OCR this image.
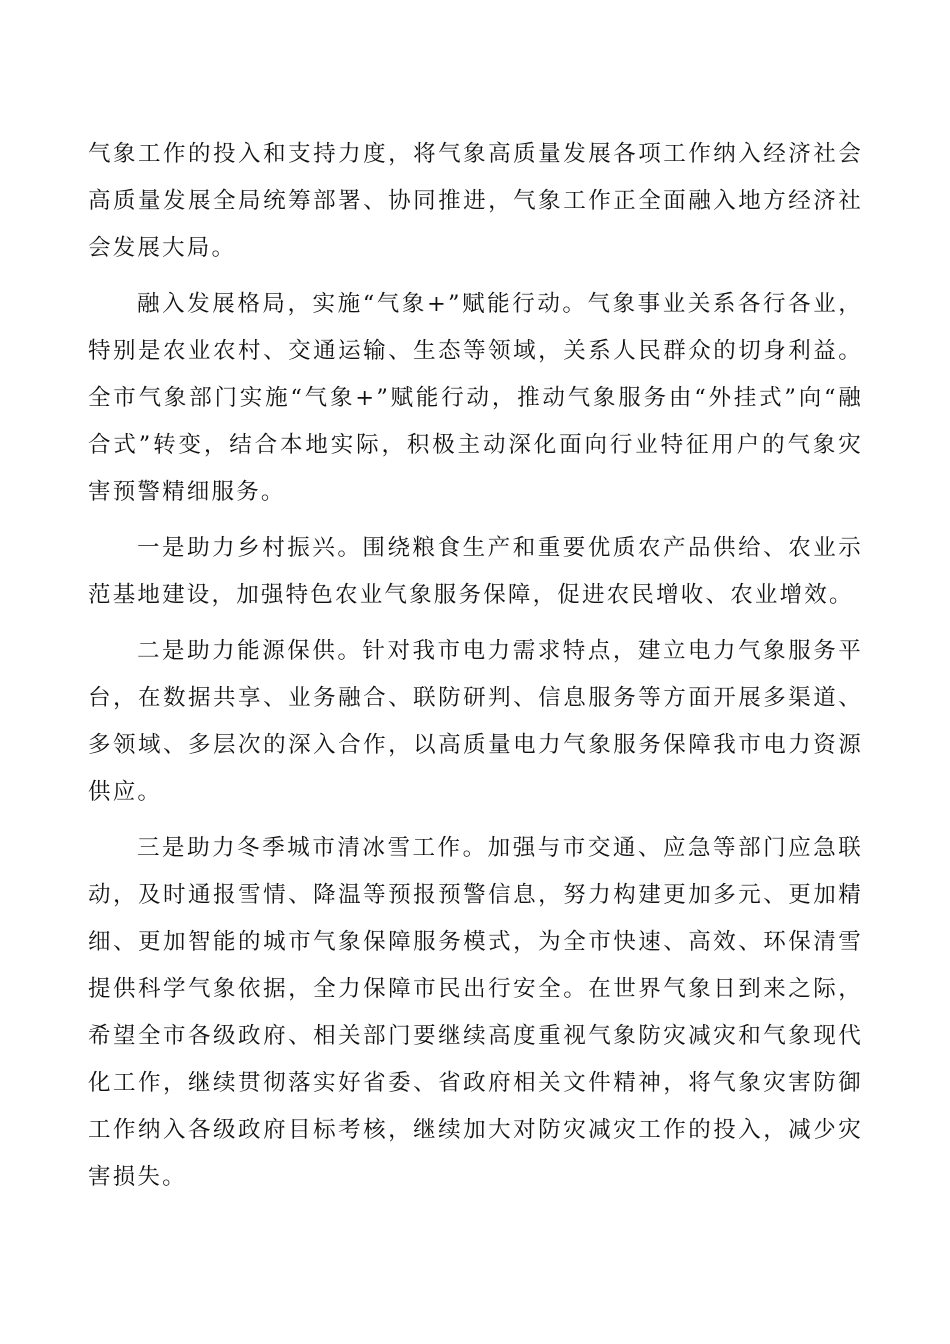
气象工作的投入和支持力度，将气象高质量发展各项工作纳入经济社会高质量发展全局统筹部署、协同推进，气象工作正全面融入地方经济社会发展大局。

融入发展格局，实施“气象+”赋能行动。气象事业关系各行各业，特别是农业农村、交通运输、生态等领域，关系人民群众的切身利益。全市气象部门实施“气象+”赋能行动，推动气象服务由“外挂式”向“融合式”转变，结合本地实际，积极主动深化面向行业特征用户的气象灾害预警精细服务。

一是助力乡村振兴。围绕粮食生产和重要优质农产品供给、农业示范基地建设，加强特色农业气象服务保障，促进农民增收、农业增效。

二是助力能源保供。针对我市电力需求特点，建立电力气象服务平台，在数据共享、业务融合、联防研判、信息服务等方面开展多渠道、多领域、多层次的深入合作，以高质量电力气象服务保障我市电力资源供应。

三是助力冬季城市清冰雪工作。加强与市交通、应急等部门应急联动，及时通报雪情、降温等预报预警信息，努力构建更加多元、更加精细、更加智能的城市气象保障服务模式，为全市快速、高效、环保清雪提供科学气象依据，全力保障市民出行安全。在世界气象日到来之际，希望全市各级政府、相关部门要继续高度重视气象防灾减灾和气象现代化工作，继续贯彻落实好省委、省政府相关文件精神，将气象灾害防御工作纳入各级政府目标考核，继续加大对防灾减灾工作的投入，减少灾害损失。
